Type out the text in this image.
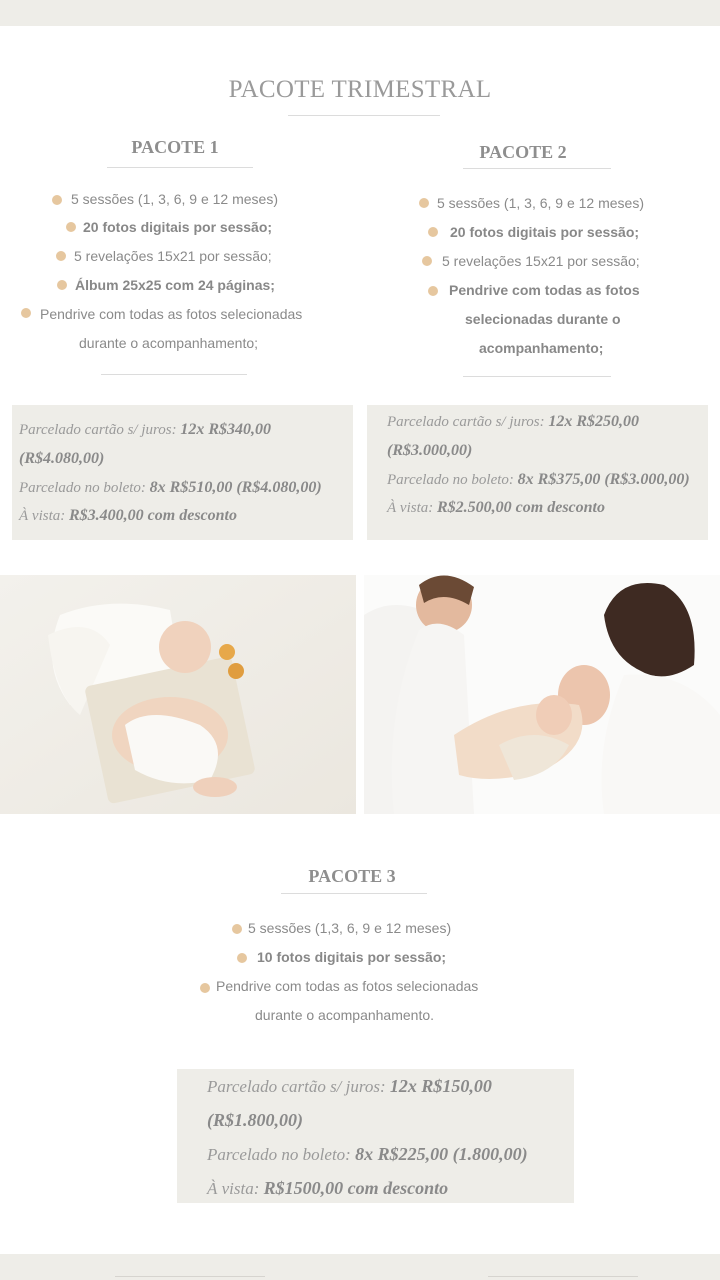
PACOTE TRIMESTRAL
PACOTE 1
5 sessões (1, 3, 6, 9 e 12 meses)
20 fotos digitais por sessão;
5 revelações 15x21 por sessão;
Álbum 25x25 com 24 páginas;
Pendrive com todas as fotos selecionadas
durante o acompanhamento;
PACOTE 2
5 sessões (1, 3, 6, 9 e 12 meses)
20 fotos digitais por sessão;
5 revelações 15x21 por sessão;
Pendrive com todas as fotos
selecionadas durante o
acompanhamento;
Parcelado cartão s/ juros: 12x R$340,00
(R$4.080,00)
Parcelado no boleto: 8x R$510,00 (R$4.080,00)
À vista: R$3.400,00 com desconto
Parcelado cartão s/ juros: 12x R$250,00
(R$3.000,00)
Parcelado no boleto: 8x R$375,00 (R$3.000,00)
À vista: R$2.500,00 com desconto
PACOTE 3
5 sessões (1,3, 6, 9 e 12 meses)
10 fotos digitais por sessão;
Pendrive com todas as fotos selecionadas
durante o acompanhamento.
Parcelado cartão s/ juros: 12x R$150,00
(R$1.800,00)
Parcelado no boleto: 8x R$225,00 (1.800,00)
À vista: R$1500,00 com desconto
